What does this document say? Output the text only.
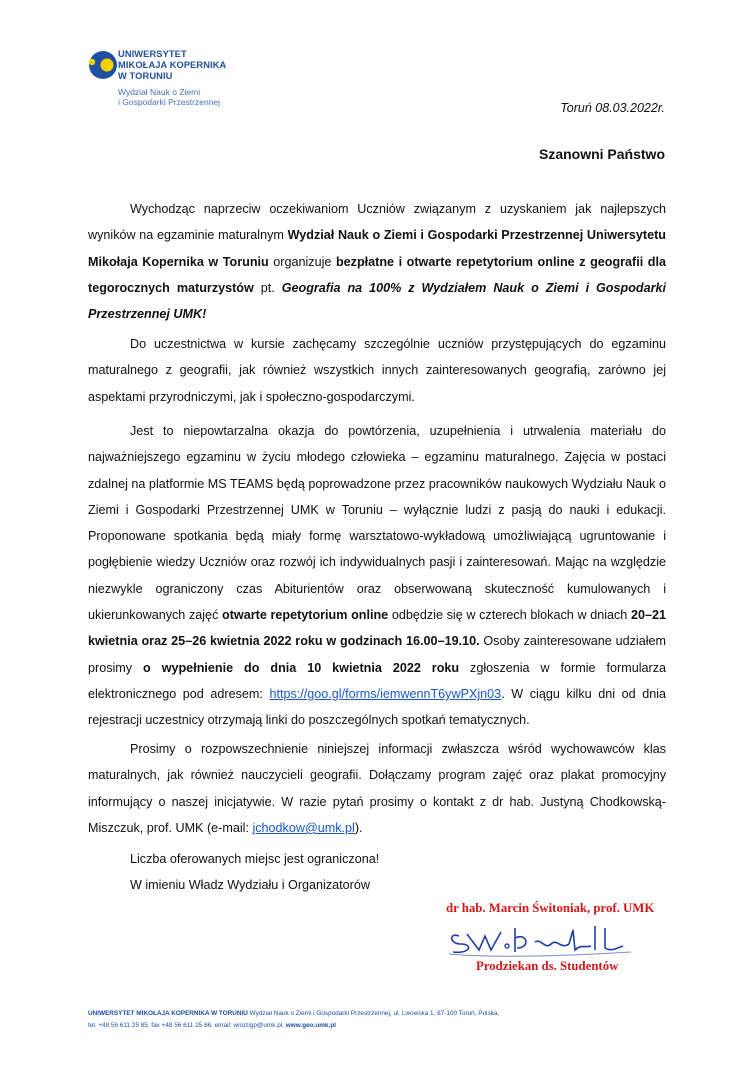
UNIWERSYTET
MIKOŁAJA KOPERNIKA
W TORUNIU
Wydział Nauk o Ziemi
i Gospodarki Przestrzennej	Toruń 08.03.2022r.
Szanowni Państwo

Wychodząc naprzeciw oczekiwaniom Uczniów związanym z uzyskaniem jak najlepszych wyników na egzaminie maturalnym Wydział Nauk o Ziemi i Gospodarki Przestrzennej Uniwersytetu Mikołaja Kopernika w Toruniu organizuje bezpłatne i otwarte repetytorium online z geografii dla tegorocznych maturzystów pt. Geografia na 100% z Wydziałem Nauk o Ziemi i Gospodarki Przestrzennej UMK!

Do uczestnictwa w kursie zachęcamy szczególnie uczniów przystępujących do egzaminu maturalnego z geografii, jak również wszystkich innych zainteresowanych geografią, zarówno jej aspektami przyrodniczymi, jak i społeczno-gospodarczymi.

Jest to niepowtarzalna okazja do powtórzenia, uzupełnienia i utrwalenia materiału do najważniejszego egzaminu w życiu młodego człowieka – egzaminu maturalnego. Zajęcia w postaci zdalnej na platformie MS TEAMS będą poprowadzone przez pracowników naukowych Wydziału Nauk o Ziemi i Gospodarki Przestrzennej UMK w Toruniu – wyłącznie ludzi z pasją do nauki i edukacji. Proponowane spotkania będą miały formę warsztatowo-wykładową umożliwiającą ugruntowanie i pogłębienie wiedzy Uczniów oraz rozwój ich indywidualnych pasji i zainteresowań. Mając na względzie niezwykle ograniczony czas Abiturientów oraz obserwowaną skuteczność kumulowanych i ukierunkowanych zajęć otwarte repetytorium online odbędzie się w czterech blokach w dniach 20–21 kwietnia oraz 25–26 kwietnia 2022 roku w godzinach 16.00–19.10. Osoby zainteresowane udziałem prosimy o wypełnienie do dnia 10 kwietnia 2022 roku zgłoszenia w formie formularza elektronicznego pod adresem: https://goo.gl/forms/iemwennT6ywPXjn03. W ciągu kilku dni od dnia rejestracji uczestnicy otrzymają linki do poszczególnych spotkań tematycznych.

Prosimy o rozpowszechnienie niniejszej informacji zwłaszcza wśród wychowawców klas maturalnych, jak również nauczycieli geografii. Dołączamy program zajęć oraz plakat promocyjny informujący o naszej inicjatywie. W razie pytań prosimy o kontakt z dr hab. Justyną Chodkowską-Miszczuk, prof. UMK (e-mail: jchodkow@umk.pl).

Liczba oferowanych miejsc jest ograniczona!
W imieniu Władz Wydziału i Organizatorów
dr hab. Marcin Świtoniak, prof. UMK
Prodziekan ds. Studentów
UNIWERSYTET MIKOŁAJA KOPERNIKA W TORUNIU Wydział Nauk o Ziemi i Gospodarki Przestrzennej, ul. Lwowska 1, 87-100 Toruń, Polska,
tel. +48 56 611 25 85, fax +48 56 611 25 86, email: wnozigp@umk.pl, www.geo.umk.pl
